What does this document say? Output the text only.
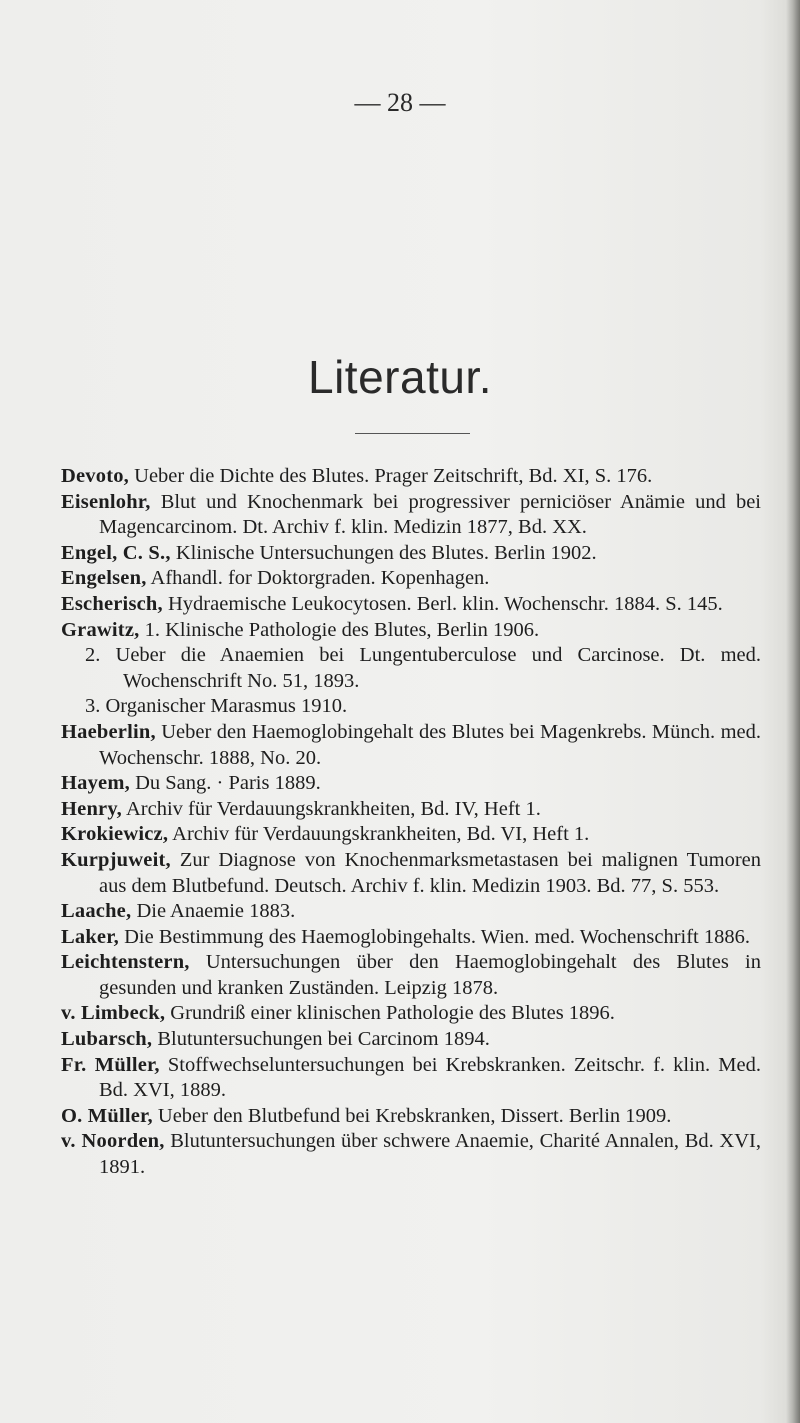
— 28 —
Literatur.

Devoto, Ueber die Dichte des Blutes. Prager Zeitschrift, Bd. XI, S. 176.

Eisenlohr, Blut und Knochenmark bei progressiver perniciöser Anämie und bei Magencarcinom. Dt. Archiv f. klin. Medizin 1877, Bd. XX.

Engel, C. S., Klinische Untersuchungen des Blutes. Berlin 1902.

Engelsen, Afhandl. for Doktorgraden. Kopenhagen.

Escherisch, Hydraemische Leukocytosen. Berl. klin. Wochenschr. 1884. S. 145.

Grawitz, 1. Klinische Pathologie des Blutes, Berlin 1906.

2. Ueber die Anaemien bei Lungentuberculose und Carcinose. Dt. med. Wochenschrift No. 51, 1893.

3. Organischer Marasmus 1910.

Haeberlin, Ueber den Haemoglobingehalt des Blutes bei Magenkrebs. Münch. med. Wochenschr. 1888, No. 20.

Hayem, Du Sang. · Paris 1889.

Henry, Archiv für Verdauungskrankheiten, Bd. IV, Heft 1.

Krokiewicz, Archiv für Verdauungskrankheiten, Bd. VI, Heft 1.

Kurpjuweit, Zur Diagnose von Knochenmarksmetastasen bei malignen Tumoren aus dem Blutbefund. Deutsch. Archiv f. klin. Medizin 1903. Bd. 77, S. 553.

Laache, Die Anaemie 1883.

Laker, Die Bestimmung des Haemoglobingehalts. Wien. med. Wochenschrift 1886.

Leichtenstern, Untersuchungen über den Haemoglobingehalt des Blutes in gesunden und kranken Zuständen. Leipzig 1878.

v. Limbeck, Grundriß einer klinischen Pathologie des Blutes 1896.

Lubarsch, Blutuntersuchungen bei Carcinom 1894.

Fr. Müller, Stoffwechseluntersuchungen bei Krebskranken. Zeitschr. f. klin. Med. Bd. XVI, 1889.

O. Müller, Ueber den Blutbefund bei Krebskranken, Dissert. Berlin 1909.

v. Noorden, Blutuntersuchungen über schwere Anaemie, Charité Annalen, Bd. XVI, 1891.
